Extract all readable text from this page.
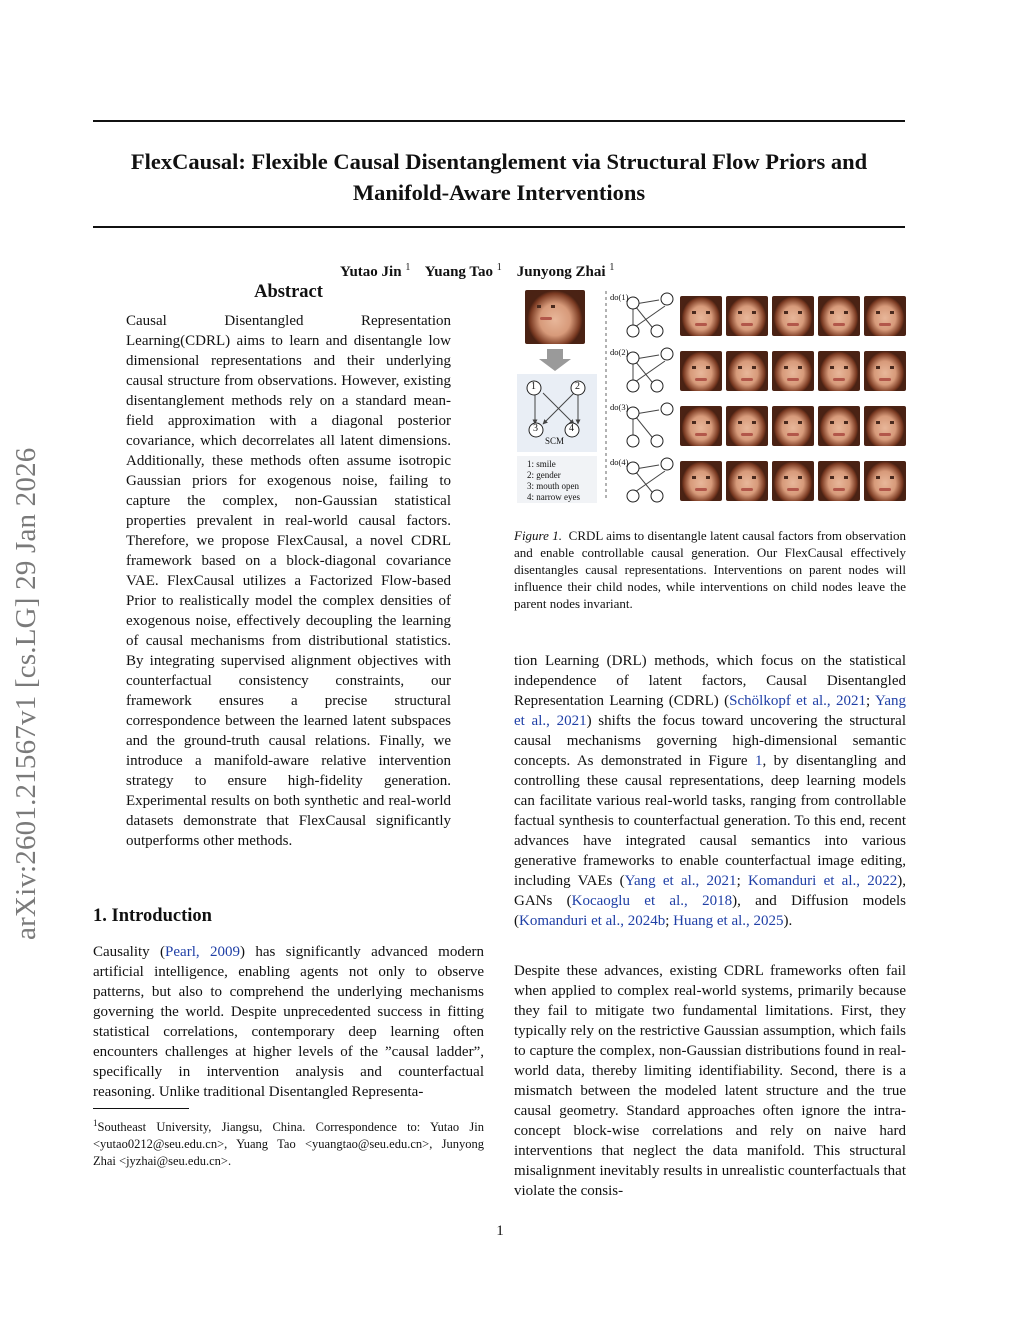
arXiv:2601.21567v1 [cs.LG] 29 Jan 2026
FlexCausal: Flexible Causal Disentanglement via Structural Flow Priors and
Manifold-Aware Interventions
Yutao Jin $^1$ Yuang Tao $^1$ Junyong Zhai $^1$
Abstract
Causal Disentangled Representation Learning(CDRL) aims to learn and disentangle low dimensional representations and their underlying causal structure from observations. However, existing disentanglement methods rely on a standard mean-field approximation with a diagonal posterior covariance, which decorrelates all latent dimensions. Additionally, these methods often assume isotropic Gaussian priors for exogenous noise, failing to capture the complex, non-Gaussian statistical properties prevalent in real-world causal factors. Therefore, we propose FlexCausal, a novel CDRL framework based on a block-diagonal covariance VAE. FlexCausal utilizes a Factorized Flow-based Prior to realistically model the complex densities of exogenous noise, effectively decoupling the learning of causal mechanisms from distributional statistics. By integrating supervised alignment objectives with counterfactual consistency constraints, our framework ensures a precise structural correspondence between the learned latent subspaces and the ground-truth causal relations. Finally, we introduce a manifold-aware relative intervention strategy to ensure high-fidelity generation. Experimental results on both synthetic and real-world datasets demonstrate that FlexCausal significantly outperforms other methods.
1. Introduction
Causality (Pearl, 2009) has significantly advanced modern artificial intelligence, enabling agents not only to observe patterns, but also to comprehend the underlying mechanisms governing the world. Despite unprecedented success in fitting statistical correlations, contemporary deep learning often encounters challenges at higher levels of the ”causal ladder”, specifically in intervention analysis and counterfactual reasoning. Unlike traditional Disentangled Representa-
$^1$Southeast University, Jiangsu, China. Correspondence to: Yutao Jin <yutao0212@seu.edu.cn>, Yuang Tao <yuangtao@seu.edu.cn>, Junyong Zhai <jyzhai@seu.edu.cn>.
1	2
3	4
SCM
1: smile
2: gender
3: mouth open
4: narrow eyes
do(1)
do(2)
do(3)
do(4)
Figure 1. CRDL aims to disentangle latent causal factors from observation and enable controllable causal generation. Our FlexCausal effectively disentangles causal representations. Interventions on parent nodes will influence their child nodes, while interventions on child nodes leave the parent nodes invariant.
tion Learning (DRL) methods, which focus on the statistical independence of latent factors, Causal Disentangled Representation Learning (CDRL) (Schölkopf et al., 2021; Yang et al., 2021) shifts the focus toward uncovering the structural causal mechanisms governing high-dimensional semantic concepts. As demonstrated in Figure 1, by disentangling and controlling these causal representations, deep learning models can facilitate various real-world tasks, ranging from controllable factual synthesis to counterfactual generation. To this end, recent advances have integrated causal semantics into various generative frameworks to enable counterfactual image editing, including VAEs (Yang et al., 2021; Komanduri et al., 2022), GANs (Kocaoglu et al., 2018), and Diffusion models (Komanduri et al., 2024b; Huang et al., 2025).
Despite these advances, existing CDRL frameworks often fail when applied to complex real-world systems, primarily because they fail to mitigate two fundamental limitations. First, they typically rely on the restrictive Gaussian assumption, which fails to capture the complex, non-Gaussian distributions found in real-world data, thereby limiting identifiability. Second, there is a mismatch between the modeled latent structure and the true causal geometry. Standard approaches often ignore the intra-concept block-wise correlations and rely on naive hard interventions that neglect the data manifold. This structural misalignment inevitably results in unrealistic counterfactuals that violate the consis-
1
